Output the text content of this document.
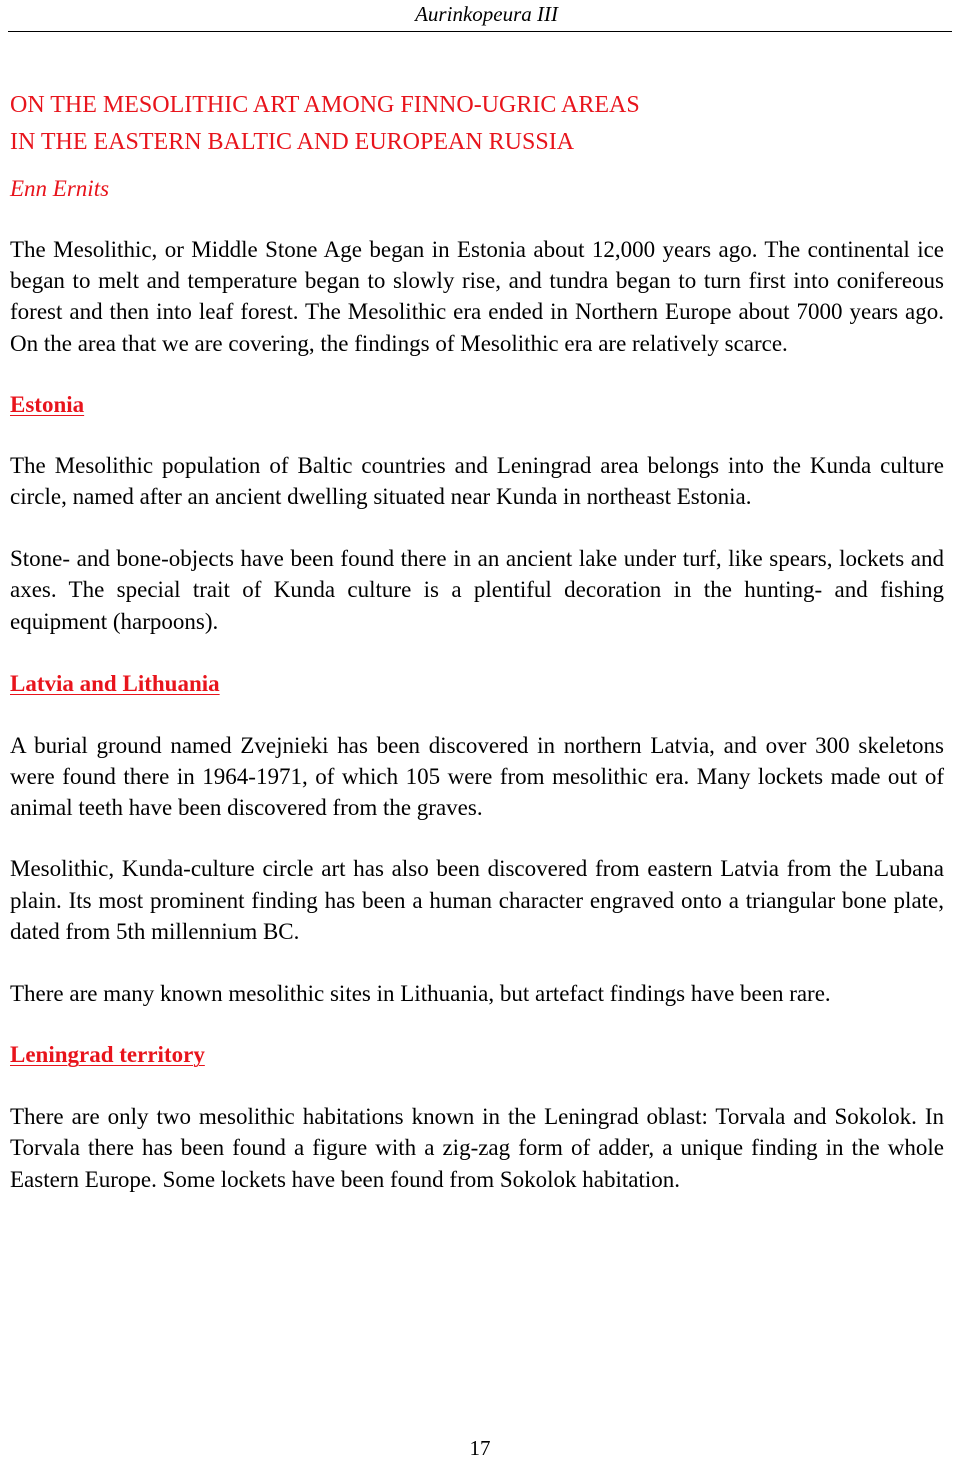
Aurinkopeura III
ON THE MESOLITHIC ART AMONG FINNO-UGRIC AREAS
IN THE EASTERN BALTIC AND EUROPEAN RUSSIA
Enn Ernits

The Mesolithic, or Middle Stone Age began in Estonia about 12,000 years ago. The continental ice began to melt and temperature began to slowly rise, and tundra began to turn first into conifereous forest and then into leaf forest. The Mesolithic era ended in Northern Europe about 7000 years ago. On the area that we are covering, the findings of Mesolithic era are relatively scarce.

Estonia

The Mesolithic population of Baltic countries and Leningrad area belongs into the Kunda culture circle, named after an ancient dwelling situated near Kunda in northeast Estonia.

Stone- and bone-objects have been found there in an ancient lake under turf, like spears, lockets and axes. The special trait of Kunda culture is a plentiful decoration in the hunting- and fishing equipment (harpoons).

Latvia and Lithuania

A burial ground named Zvejnieki has been discovered in northern Latvia, and over 300 skeletons were found there in 1964-1971, of which 105 were from mesolithic era. Many lockets made out of animal teeth have been discovered from the graves.

Mesolithic, Kunda-culture circle art has also been discovered from eastern Latvia from the Lubana plain. Its most prominent finding has been a human character engraved onto a triangular bone plate, dated from 5th millennium BC.

There are many known mesolithic sites in Lithuania, but artefact findings have been rare.

Leningrad territory

There are only two mesolithic habitations known in the Leningrad oblast: Torvala and Sokolok. In Torvala there has been found a figure with a zig-zag form of adder, a unique finding in the whole Eastern Europe. Some lockets have been found from Sokolok habitation.

17
